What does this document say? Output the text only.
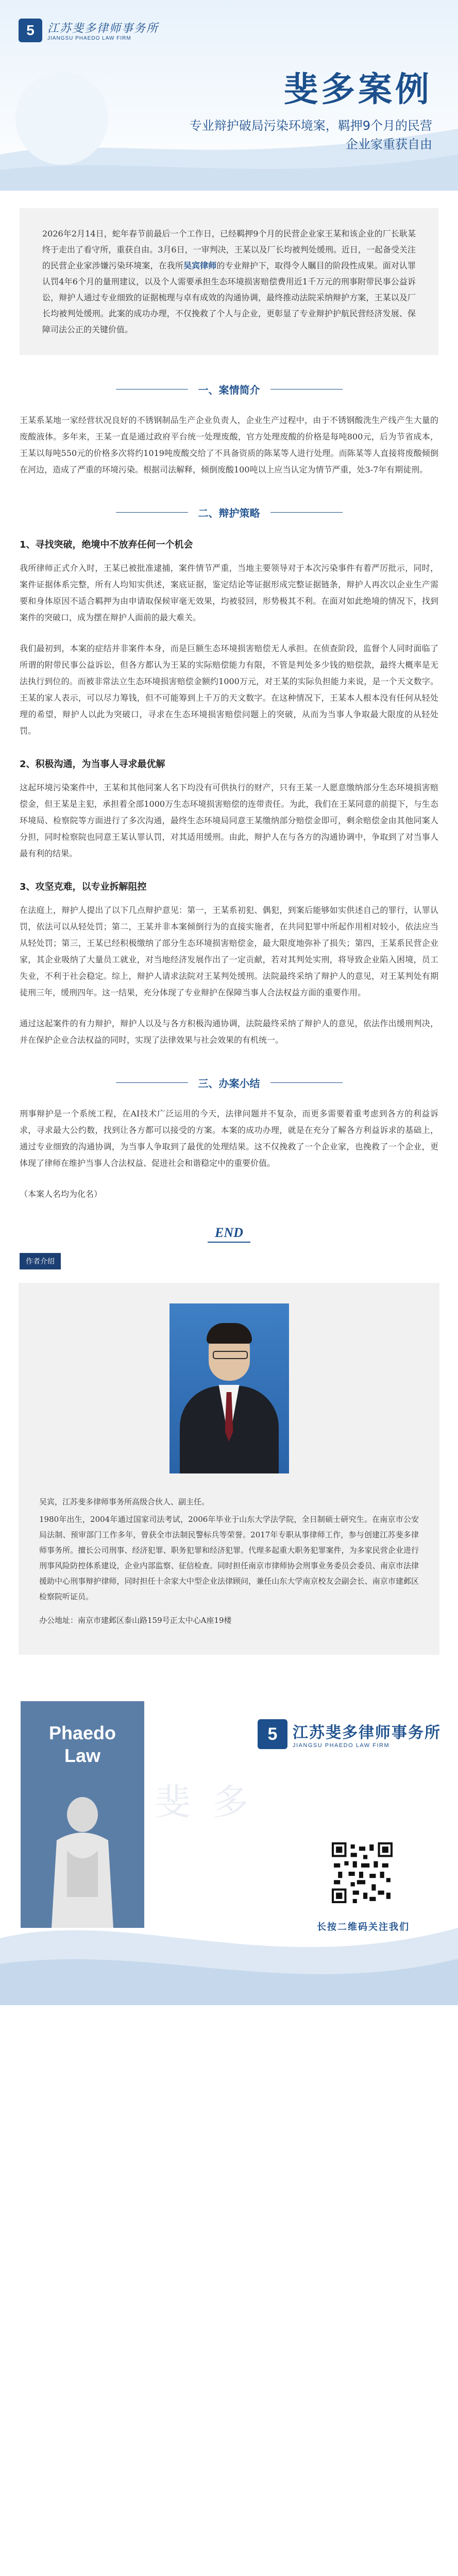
5	江苏斐多律师事务所
JIANGSU PHAEDO LAW FIRM
斐多案例
专业辩护破局污染环境案，羁押9个月的民营
企业家重获自由
2026年2月14日，蛇年春节前最后一个工作日，已经羁押9个月的民营企业家王某和该企业的厂长耿某终于走出了看守所，重获自由。3月6日，一审判决，王某以及厂长均被判处缓刑。近日，一起备受关注的民营企业家涉嫌污染环境案，在我所吴宾律师的专业辩护下，取得令人瞩目的阶段性成果。面对认罪认罚4年6个月的量刑建议，以及个人需要承担生态环境损害赔偿费用近1千万元的刑事附带民事公益诉讼，辩护人通过专业细致的证据梳理与卓有成效的沟通协调，最终推动法院采纳辩护方案，王某以及厂长均被判处缓刑。此案的成功办理，不仅挽救了个人与企业，更彰显了专业辩护护航民营经济发展、保障司法公正的关键价值。
一、案情简介

王某系某地一家经营状况良好的不锈钢制品生产企业负责人，企业生产过程中，由于不锈钢酸洗生产线产生大量的废酸液体。多年来，王某一直是通过政府平台统一处理废酸，官方处理废酸的价格是每吨800元，后为节省成本，王某以每吨550元的价格多次将约1019吨废酸交给了不具备资质的陈某等人进行处理。而陈某等人直接将废酸倾倒在河边，造成了严重的环境污染。根据司法解释，倾倒废酸100吨以上应当认定为情节严重，处3-7年有期徒刑。

二、辩护策略
1、寻找突破，绝境中不放弃任何一个机会

我所律师正式介入时，王某已被批准逮捕，案件情节严重，当地主要领导对于本次污染事件有着严厉批示，同时，案件证据体系完整，所有人均知实供述，案底证据，鉴定结论等证据形成完整证据链条，辩护人再次以企业生产需要和身体原因不适合羁押为由申请取保候审毫无效果，均被驳回，形势极其不利。在面对如此绝境的情况下，找到案件的突破口，成为摆在辩护人面前的最大难关。

我们最初到，本案的症结并非案件本身，而是巨额生态环境损害赔偿无人承担。在侦查阶段，监督个人同时面临了所谓的附带民事公益诉讼，但各方都认为王某的实际赔偿能力有限，不管是判处多少钱的赔偿款，最终大概率是无法执行到位的。而被非常法立生态环境损害赔偿金额约1000万元，对王某的实际负担能力来说，是一个天文数字。王某的家人表示，可以尽力筹钱，但不可能筹到上千万的天文数字。在这种情况下，王某本人根本没有任何从轻处理的希望，辩护人以此为突破口，寻求在生态环境损害赔偿问题上的突破，从而为当事人争取最大限度的从轻处罚。

2、积极沟通，为当事人寻求最优解

这起环境污染案件中，王某和其他同案人名下均没有可供执行的财产，只有王某一人愿意缴纳部分生态环境损害赔偿金，但王某是主犯，承担着全部1000万生态环境损害赔偿的连带责任。为此，我们在王某同意的前提下，与生态环境局、检察院等方面进行了多次沟通，最终生态环境局同意王某缴纳部分赔偿金即可，剩余赔偿金由其他同案人分担，同时检察院也同意王某认罪认罚，对其适用缓刑。由此，辩护人在与各方的沟通协调中，争取到了对当事人最有利的结果。

3、攻坚克难，以专业拆解阻控

在法庭上，辩护人提出了以下几点辩护意见：第一，王某系初犯、偶犯，到案后能够如实供述自己的罪行，认罪认罚，依法可以从轻处罚；第二，王某并非本案倾倒行为的直接实施者，在共同犯罪中所起作用相对较小，依法应当从轻处罚；第三，王某已经积极缴纳了部分生态环境损害赔偿金，最大限度地弥补了损失；第四，王某系民营企业家，其企业吸纳了大量员工就业，对当地经济发展作出了一定贡献，若对其判处实刑，将导致企业陷入困境，员工失业，不利于社会稳定。综上，辩护人请求法院对王某判处缓刑。法院最终采纳了辩护人的意见，对王某判处有期徒刑三年，缓刑四年。这一结果，充分体现了专业辩护在保障当事人合法权益方面的重要作用。

通过这起案件的有力辩护，辩护人以及与各方积极沟通协调，法院最终采纳了辩护人的意见，依法作出缓刑判决，并在保护企业合法权益的同时，实现了法律效果与社会效果的有机统一。

三、办案小结

刑事辩护是一个系统工程，在AI技术广泛运用的今天，法律问题并不复杂，而更多需要着重考虑到各方的利益诉求，寻求最大公约数，找到让各方都可以接受的方案。本案的成功办理，就是在充分了解各方利益诉求的基础上，通过专业细致的沟通协调，为当事人争取到了最优的处理结果。这不仅挽救了一个企业家，也挽救了一个企业，更体现了律师在维护当事人合法权益、促进社会和谐稳定中的重要价值。

（本案人名均为化名）
END
作者介绍

吴宾，江苏斐多律师事务所高级合伙人、副主任。

1980年出生，2004年通过国家司法考试，2006年毕业于山东大学法学院，全日制硕士研究生。在南京市公安局法制、预审部门工作多年，曾获全市法制民警标兵等荣誉。2017年专职从事律师工作，参与创建江苏斐多律师事务所。擅长公司刑事、经济犯罪、职务犯罪和经济犯罪。代理多起重大职务犯罪案件，为多家民营企业进行刑事风险防控体系建设，企业内部监察、征信检查。同时担任南京市律师协会刑事业务委员会委员、南京市法律援助中心刑事辩护律师，同时担任十余家大中型企业法律顾问，兼任山东大学南京校友会副会长、南京市建邺区检察院听证员。

办公地址：南京市建邺区泰山路159号正太中心A座19楼

斐 多
Phaedo
Law
5 江苏斐多律师事务所
JIANGSU PHAEDO LAW FIRM
长按二维码关注我们
